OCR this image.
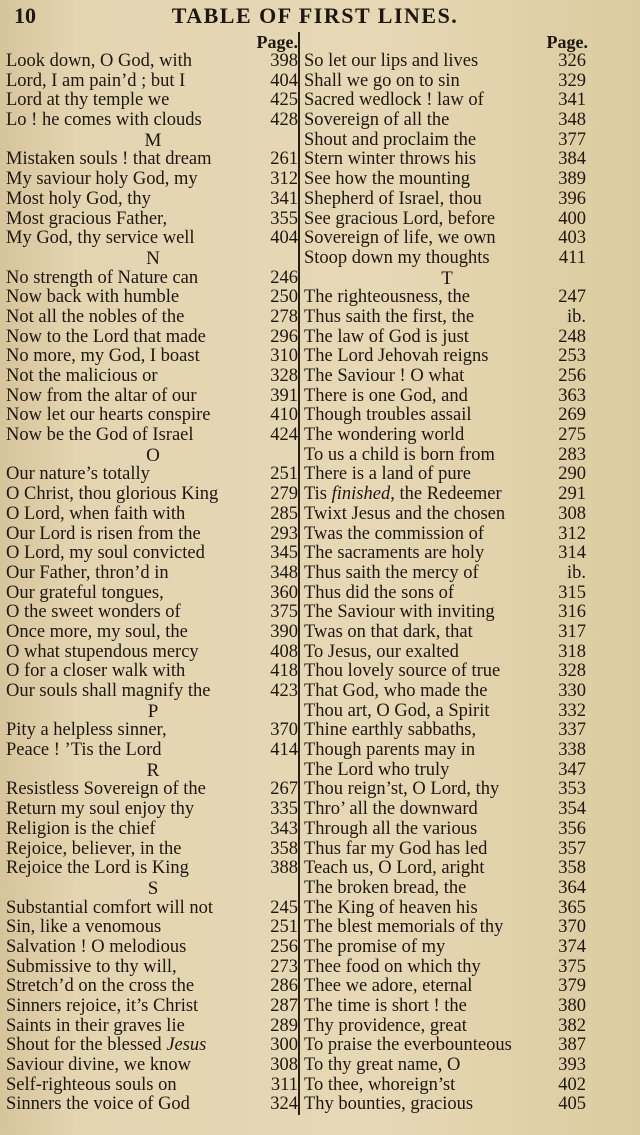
10	TABLE OF FIRST LINES.
Page.
Look down, O God, with	398
Lord, I am pain’d ; but I	404
Lord at thy temple we	425
Lo ! he comes with clouds	428
M
Mistaken souls ! that dream	261
My saviour holy God, my	312
Most holy God, thy	341
Most gracious Father,	355
My God, thy service well	404
N
No strength of Nature can	246
Now back with humble	250
Not all the nobles of the	278
Now to the Lord that made	296
No more, my God, I boast	310
Not the malicious or	328
Now from the altar of our	391
Now let our hearts conspire	410
Now be the God of Israel	424
O
Our nature’s totally	251
O Christ, thou glorious King	279
O Lord, when faith with	285
Our Lord is risen from the	293
O Lord, my soul convicted	345
Our Father, thron’d in	348
Our grateful tongues,	360
O the sweet wonders of	375
Once more, my soul, the	390
O what stupendous mercy	408
O for a closer walk with	418
Our souls shall magnify the	423
P
Pity a helpless sinner,	370
Peace ! ’Tis the Lord	414
R
Resistless Sovereign of the	267
Return my soul enjoy thy	335
Religion is the chief	343
Rejoice, believer, in the	358
Rejoice the Lord is King	388
S
Substantial comfort will not	245
Sin, like a venomous	251
Salvation ! O melodious	256
Submissive to thy will,	273
Stretch’d on the cross the	286
Sinners rejoice, it’s Christ	287
Saints in their graves lie	289
Shout for the blessed Jesus	300
Saviour divine, we know	308
Self-righteous souls on	311
Sinners the voice of God	324
Page.
So let our lips and lives	326
Shall we go on to sin	329
Sacred wedlock ! law of	341
Sovereign of all the	348
Shout and proclaim the	377
Stern winter throws his	384
See how the mounting	389
Shepherd of Israel, thou	396
See gracious Lord, before	400
Sovereign of life, we own	403
Stoop down my thoughts	411
T
The righteousness, the	247
Thus saith the first, the	ib.
The law of God is just	248
The Lord Jehovah reigns	253
The Saviour ! O what	256
There is one God, and	363
Though troubles assail	269
The wondering world	275
To us a child is born from	283
There is a land of pure	290
Tis finished, the Redeemer	291
Twixt Jesus and the chosen	308
Twas the commission of	312
The sacraments are holy	314
Thus saith the mercy of	ib.
Thus did the sons of	315
The Saviour with inviting	316
Twas on that dark, that	317
To Jesus, our exalted	318
Thou lovely source of true	328
That God, who made the	330
Thou art, O God, a Spirit	332
Thine earthly sabbaths,	337
Though parents may in	338
The Lord who truly	347
Thou reign’st, O Lord, thy	353
Thro’ all the downward	354
Through all the various	356
Thus far my God has led	357
Teach us, O Lord, aright	358
The broken bread, the	364
The King of heaven his	365
The blest memorials of thy	370
The promise of my	374
Thee food on which thy	375
Thee we adore, eternal	379
The time is short ! the	380
Thy providence, great	382
To praise the everbounteous	387
To thy great name, O	393
To thee, whoreign’st	402
Thy bounties, gracious	405
